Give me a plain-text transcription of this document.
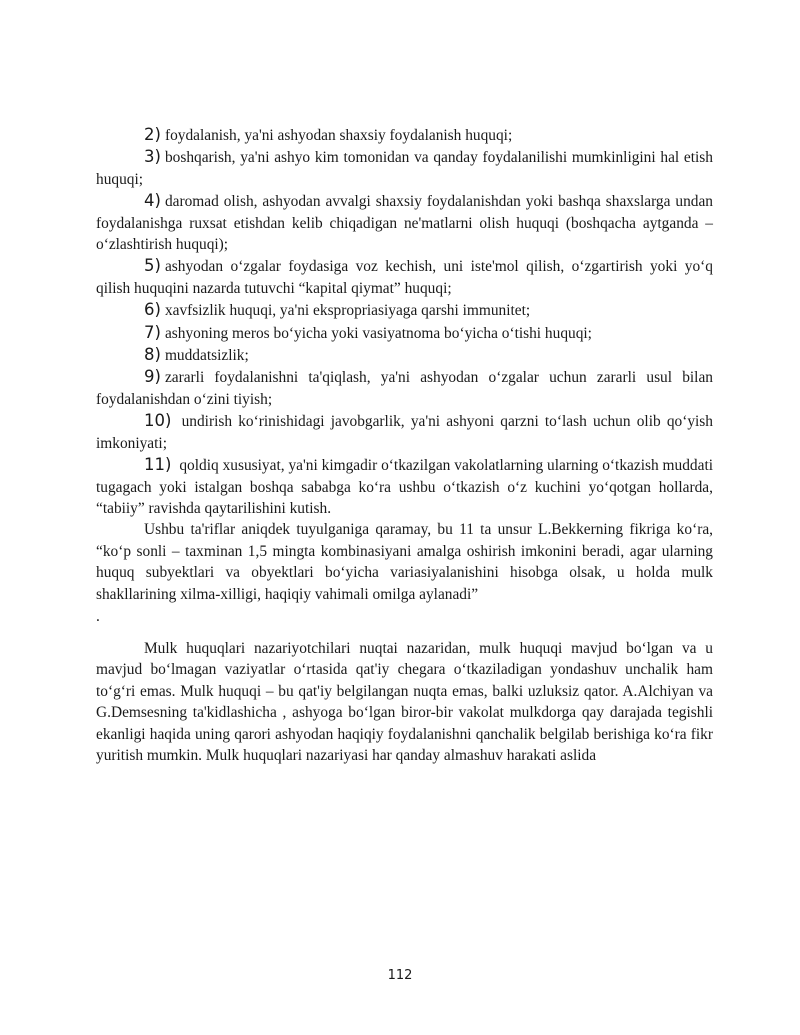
2) foydalanish, ya'ni ashyodan shaxsiy foydalanish huquqi;

3) boshqarish, ya'ni ashyo kim tomonidan va qanday foydalanilishi mumkinligini hal etish huquqi;

4) daromad olish, ashyodan avvalgi shaxsiy foydalanishdan yoki bashqa shaxslarga undan foydalanishga ruxsat etishdan kelib chiqadigan ne'matlarni olish huquqi (boshqacha aytganda – o‘zlashtirish huquqi);

5) ashyodan o‘zgalar foydasiga voz kechish, uni iste'mol qilish, o‘zgartirish yoki yo‘q qilish huquqini nazarda tutuvchi “kapital qiymat” huquqi;

6) xavfsizlik huquqi, ya'ni ekspropriasiyaga qarshi immunitet;

7) ashyoning meros bo‘yicha yoki vasiyatnoma bo‘yicha o‘tishi huquqi;

8) muddatsizlik;

9) zararli foydalanishni ta'qiqlash, ya'ni ashyodan o‘zgalar uchun zararli usul bilan foydalanishdan o‘zini tiyish;

10) undirish ko‘rinishidagi javobgarlik, ya'ni ashyoni qarzni to‘lash uchun olib qo‘yish imkoniyati;

11) qoldiq xususiyat, ya'ni kimgadir o‘tkazilgan vakolatlarning ularning o‘tkazish muddati tugagach yoki istalgan boshqa sababga ko‘ra ushbu o‘tkazish o‘z kuchini yo‘qotgan hollarda, “tabiiy” ravishda qaytarilishini kutish.

Ushbu ta'riflar aniqdek tuyulganiga qaramay, bu 11 ta unsur L.Bekkerning fikriga ko‘ra, “ko‘p sonli – taxminan 1,5 mingta kombinasiyani amalga oshirish imkonini beradi, agar ularning huquq subyektlari va obyektlari bo‘yicha variasiyalanishini hisobga olsak, u holda mulk shakllarining xilma-xilligi, haqiqiy vahimali omilga aylanadi”

.

Mulk huquqlari nazariyotchilari nuqtai nazaridan, mulk huquqi mavjud bo‘lgan va u mavjud bo‘lmagan vaziyatlar o‘rtasida qat'iy chegara o‘tkaziladigan yondashuv unchalik ham to‘g‘ri emas. Mulk huquqi – bu qat'iy belgilangan nuqta emas, balki uzluksiz qator. A.Alchiyan va G.Demsesning ta'kidlashicha , ashyoga bo‘lgan biror-bir vakolat mulkdorga qay darajada tegishli ekanligi haqida uning qarori ashyodan haqiqiy foydalanishni qanchalik belgilab berishiga ko‘ra fikr yuritish mumkin. Mulk huquqlari nazariyasi har qanday almashuv harakati aslida

112
